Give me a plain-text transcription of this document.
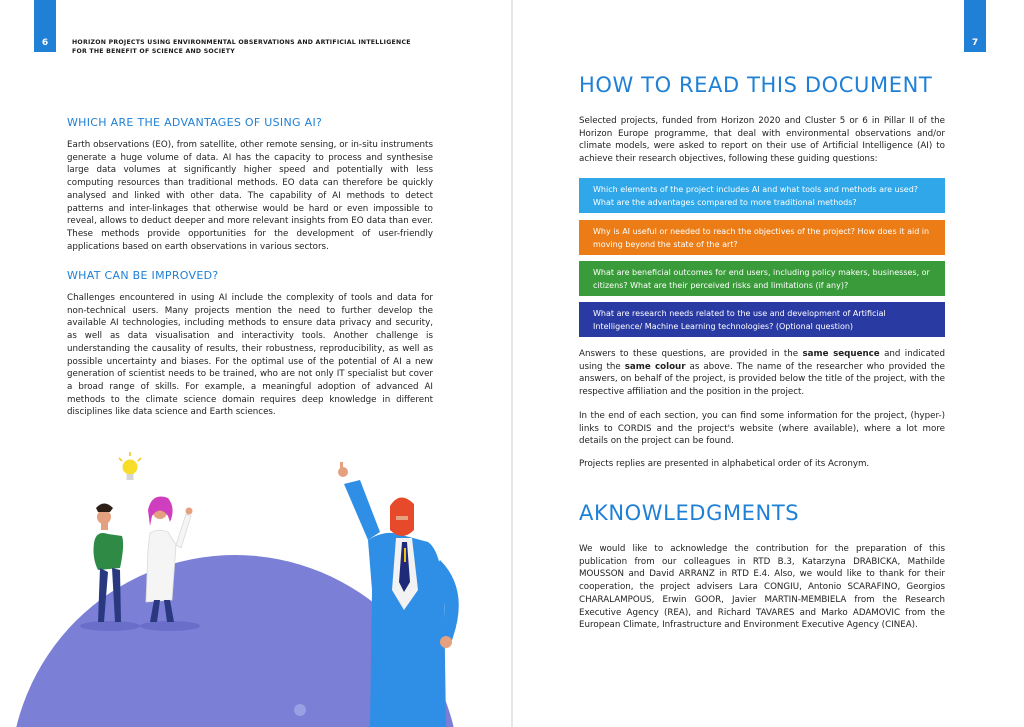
6	HORIZON PROJECTS USING ENVIRONMENTAL OBSERVATIONS AND ARTIFICIAL INTELLIGENCE
FOR THE BENEFIT OF SCIENCE AND SOCIETY
WHICH ARE THE ADVANTAGES OF USING AI?
Earth observations (EO), from satellite, other remote sensing, or in-situ instruments generate a huge volume of data. AI has the capacity to process and synthesise large data volumes at significantly higher speed and potentially with less computing resources than traditional methods. EO data can therefore be quickly analysed and linked with other data. The capability of AI methods to detect patterns and inter-linkages that otherwise would be hard or even impossible to reveal, allows to deduct deeper and more relevant insights from EO data than ever. These methods provide opportunities for the development of user-friendly applications based on earth observations in various sectors.
WHAT CAN BE IMPROVED?
Challenges encountered in using AI include the complexity of tools and data for non-technical users. Many projects mention the need to further develop the available AI technologies, including methods to ensure data privacy and security, as well as data visualisation and interactivity tools. Another challenge is understanding the causality of results, their robustness, reproducibility, as well as possible uncertainty and biases. For the optimal use of the potential of AI a new generation of scientist needs to be trained, who are not only IT specialist but cover a broad range of skills. For example, a meaningful adoption of advanced AI methods to the climate science domain requires deep knowledge in different disciplines like data science and Earth sciences.
7
HOW TO READ THIS DOCUMENT
Selected projects, funded from Horizon 2020 and Cluster 5 or 6 in Pillar II of the Horizon Europe programme, that deal with environmental observations and/or climate models, were asked to report on their use of Artificial Intelligence (AI) to achieve their research objectives, following these guiding questions:
Which elements of the project includes AI and what tools and methods are used? What are the advantages compared to more traditional methods?
Why is AI useful or needed to reach the objectives of the project? How does it aid in moving beyond the state of the art?
What are beneficial outcomes for end users, including policy makers, businesses, or citizens? What are their perceived risks and limitations (if any)?
What are research needs related to the use and development of Artificial Intelligence/ Machine Learning technologies? (Optional question)
Answers to these questions, are provided in the same sequence and indicated using the same colour as above. The name of the researcher who provided the answers, on behalf of the project, is provided below the title of the project, with the respective affiliation and the position in the project.
In the end of each section, you can find some information for the project, (hyper-) links to CORDIS and the project's website (where available), where a lot more details on the project can be found.
Projects replies are presented in alphabetical order of its Acronym.
AKNOWLEDGMENTS
We would like to acknowledge the contribution for the preparation of this publication from our colleagues in RTD B.3, Katarzyna DRABICKA, Mathilde MOUSSON and David ARRANZ in RTD E.4. Also, we would like to thank for their cooperation, the project advisers Lara CONGIU, Antonio SCARAFINO, Georgios CHARALAMPOUS, Erwin GOOR, Javier MARTIN-MEMBIELA from the Research Executive Agency (REA), and Richard TAVARES and Marko ADAMOVIC from the European Climate, Infrastructure and Environment Executive Agency (CINEA).
